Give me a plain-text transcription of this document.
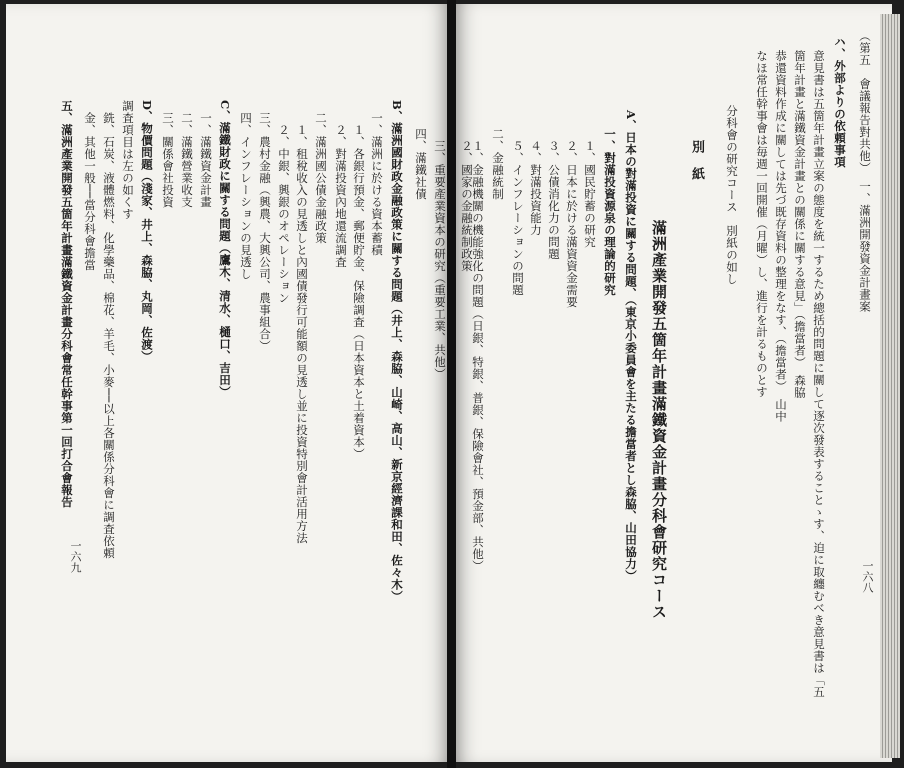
（第五　會議報告對共他）　一、滿洲開發資金計畫案
一六八
ハ、外部よりの依頼事項
意見書は五箇年計畫立案の態度を統一するため總括的問題に關して逐次發表することゝす、迫に取纏むべき意見書は「五
箇年計畫と滿鐵資金計畫との關係に關する意見」（擔當者）　森脇
恭還資料作成に關しては先づ既存資料の整理をなす、（擔當者）　山中
なほ常任幹事會は毎週一回開催（月曜）し、進行を計るものとす
分科會の研究コース　別紙の如し
別　紙
滿洲產業開發五箇年計畫滿鐵資金計畫分科會研究コース
A、日本の對滿投資に關する問題、（東京小委員會を主たる擔當者とし森脇、山田協力）
一、對滿投資源泉の理論的研究
１、國民貯蓄の研究
２、日本に於ける滿資資金需要
３、公債消化力の問題
４、對滿投資能力
５、インフレーションの問題
二、金融統制
１、金融機關の機能強化の問題（日銀、特銀、普銀、保險會社、預金部、共他）
２、國家の金融統制政策
三、重要產業資本の研究（重要工業、共他）
四、滿鐵社債
B、滿洲國財政金融政策に關する問題（井上、森脇、山崎、高山、新京經濟課和田、佐々木）
一、滿洲に於ける資本蓄積
１、各銀行預金、郵便貯金、保險調査（日本資本と土着資本）
２、對滿投資內地還流調査
二、滿洲國公債金融政策
１、租稅收入の見透しと內國債發行可能額の見透し並に投資特別會計活用方法
２、中銀、興銀のオペレーション
三、農村金融（興農、大興公司、農事組合）
四、インフレーションの見透し
C、滿鐵財政に關する問題（鷹木、清水、樋口、吉田）
一、滿鐵資金計畫
二、滿鐵營業收支
三、關係會社投資
D、物價問題（淺家、井上、森脇、丸岡、佐渡）
調査項目は左の如くす
銑、石炭、液體燃料、化學藥品、棉花、羊毛、小麥──以上各關係分科會に調査依頼
金、其他一般──當分科會擔當
五、滿洲產業開發五箇年計畫滿鐵資金計畫分科會常任幹事第一回打合會報告
一六九
